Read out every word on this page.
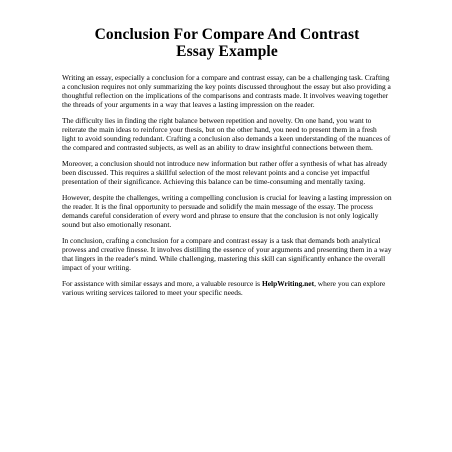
Conclusion For Compare And Contrast
Essay Example

Writing an essay, especially a conclusion for a compare and contrast essay, can be a challenging task. Crafting a conclusion requires not only summarizing the key points discussed throughout the essay but also providing a thoughtful reflection on the implications of the comparisons and contrasts made. It involves weaving together the threads of your arguments in a way that leaves a lasting impression on the reader.

The difficulty lies in finding the right balance between repetition and novelty. On one hand, you want to reiterate the main ideas to reinforce your thesis, but on the other hand, you need to present them in a fresh light to avoid sounding redundant. Crafting a conclusion also demands a keen understanding of the nuances of the compared and contrasted subjects, as well as an ability to draw insightful connections between them.

Moreover, a conclusion should not introduce new information but rather offer a synthesis of what has already been discussed. This requires a skillful selection of the most relevant points and a concise yet impactful presentation of their significance. Achieving this balance can be time-consuming and mentally taxing.

However, despite the challenges, writing a compelling conclusion is crucial for leaving a lasting impression on the reader. It is the final opportunity to persuade and solidify the main message of the essay. The process demands careful consideration of every word and phrase to ensure that the conclusion is not only logically sound but also emotionally resonant.

In conclusion, crafting a conclusion for a compare and contrast essay is a task that demands both analytical prowess and creative finesse. It involves distilling the essence of your arguments and presenting them in a way that lingers in the reader's mind. While challenging, mastering this skill can significantly enhance the overall impact of your writing.

For assistance with similar essays and more, a valuable resource is HelpWriting.net, where you can explore various writing services tailored to meet your specific needs.
